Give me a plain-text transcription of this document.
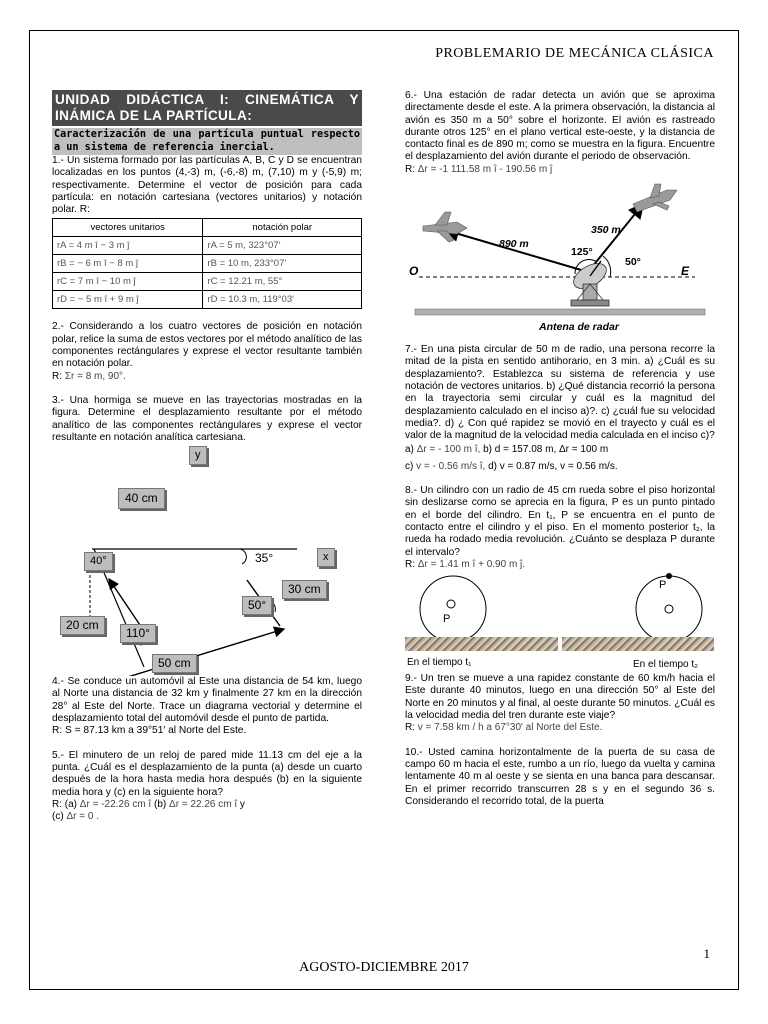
PROBLEMARIO DE MECÁNICA CLÁSICA
UNIDAD DIDÁCTICA I: CINEMÁTICA Y INÁMICA DE LA PARTÍCULA:
Caracterización de una partícula puntual respecto a un sistema de referencia inercial.

1.- Un sistema formado por las partículas A, B, C y D se encuentran localizadas en los puntos (4,-3) m, (-6,-8) m, (7,10) m y (-5,9) m; respectivamente. Determine el vector de posición para cada partícula: en notación cartesiana (vectores unitarios) y notación polar. R:

vectores unitarios	notación polar
rA = 4 m î − 3 m ĵ	rA = 5 m, 323°07′
rB = − 6 m î − 8 m ĵ	rB = 10 m, 233°07′
rC = 7 m î − 10 m ĵ	rC = 12.21 m, 55°
rD = − 5 m î + 9 m ĵ	rD = 10.3 m, 119°03′

2.- Considerando a los cuatro vectores de posición en notación polar, relice la suma de estos vectores por el método analítico de las componentes rectángulares y exprese el vector resultante también en notación polar.

R: Σr = 8 m, 90°.

3.- Una hormiga se mueve en las trayectorias mostradas en la figura. Determine el desplazamiento resultante por el método analítico de las componentes rectángulares y exprese el vector resultante en notación analítica cartesiana.

y
40 cm
40°	35°	x
30 cm
50°
20 cm
110°
50 cm

4.- Se conduce un automóvil al Este una distancia de 54 km, luego al Norte una distancia de 32 km y finalmente 27 km en la dirección 28° al Este del Norte. Trace un diagrama vectorial y determine el desplazamiento total del automóvil desde el punto de partida.

R: S = 87.13 km a 39°51′ al Norte del Este.

5.- El minutero de un reloj de pared mide 11.13 cm del eje a la punta. ¿Cuál es el desplazamiento de la punta (a) desde un cuarto después de la hora hasta media hora después (b) en la siguiente media hora y (c) en la siguiente hora?

R: (a) Δr = -22.26 cm î (b) Δr = 22.26 cm î y

(c) Δr = 0 .

6.- Una estación de radar detecta un avión que se aproxima directamente desde el este. A la primera observación, la distancia al avión es 350 m a 50° sobre el horizonte. El avión es rastreado durante otros 125° en el plano vertical este-oeste, y la distancia de contacto final es de 890 m; como se muestra en la figura. Encuentre el desplazamiento del avión durante el periodo de observación.

R: Δr = -1 111.58 m î - 190.56 m ĵ

890 m
350 m
125°
50°
O	E
Antena de radar

7.- En una pista circular de 50 m de radio, una persona recorre la mitad de la pista en sentido antihorario, en 3 min. a) ¿Cuál es su desplazamiento?. Establezca su sistema de referencia y use notación de vectores unitarios. b) ¿Qué distancia recorrió la persona en la trayectoria semi circular y cuál es la magnitud del desplazamiento calculado en el inciso a)?. c) ¿cuál fue su velocidad media?. d) ¿ Con qué rapidez se movió en el trayecto y cuál es el valor de la magnitud de la velocidad media calculada en el inciso c)?

a) Δr = - 100 m î, b) d = 157.08 m, Δr = 100 m

c) v = - 0.56 m/s î, d) v = 0.87 m/s, v = 0.56 m/s.

8.- Un cilindro con un radio de 45 cm rueda sobre el piso horizontal sin deslizarse como se aprecia en la figura, P es un punto pintado en el borde del cilindro. En t₁, P se encuentra en el punto de contacto entre el cilindro y el piso. En el momento posterior t₂, la rueda ha rodado media revolución. ¿Cuánto se desplaza P durante el intervalo?

R: Δr = 1.41 m î + 0.90 m ĵ.

P
P
En el tiempo t₁	En el tiempo t₂

9.- Un tren se mueve a una rapidez constante de 60 km/h hacia el Este durante 40 minutos, luego en una dirección 50° al Este del Norte en 20 minutos y al final, al oeste durante 50 minutos. ¿Cuál es la velocidad media del tren durante este viaje?

R: v = 7.58 km / h a 67°30′ al Norte del Este.

10.- Usted camina horizontalmente de la puerta de su casa de campo 60 m hacia el este, rumbo a un río, luego da vuelta y camina lentamente 40 m al oeste y se sienta en una banca para descansar. En el primer recorrido transcurren 28 s y en el segundo 36 s. Considerando el recorrido total, de la puerta

1
AGOSTO-DICIEMBRE 2017
